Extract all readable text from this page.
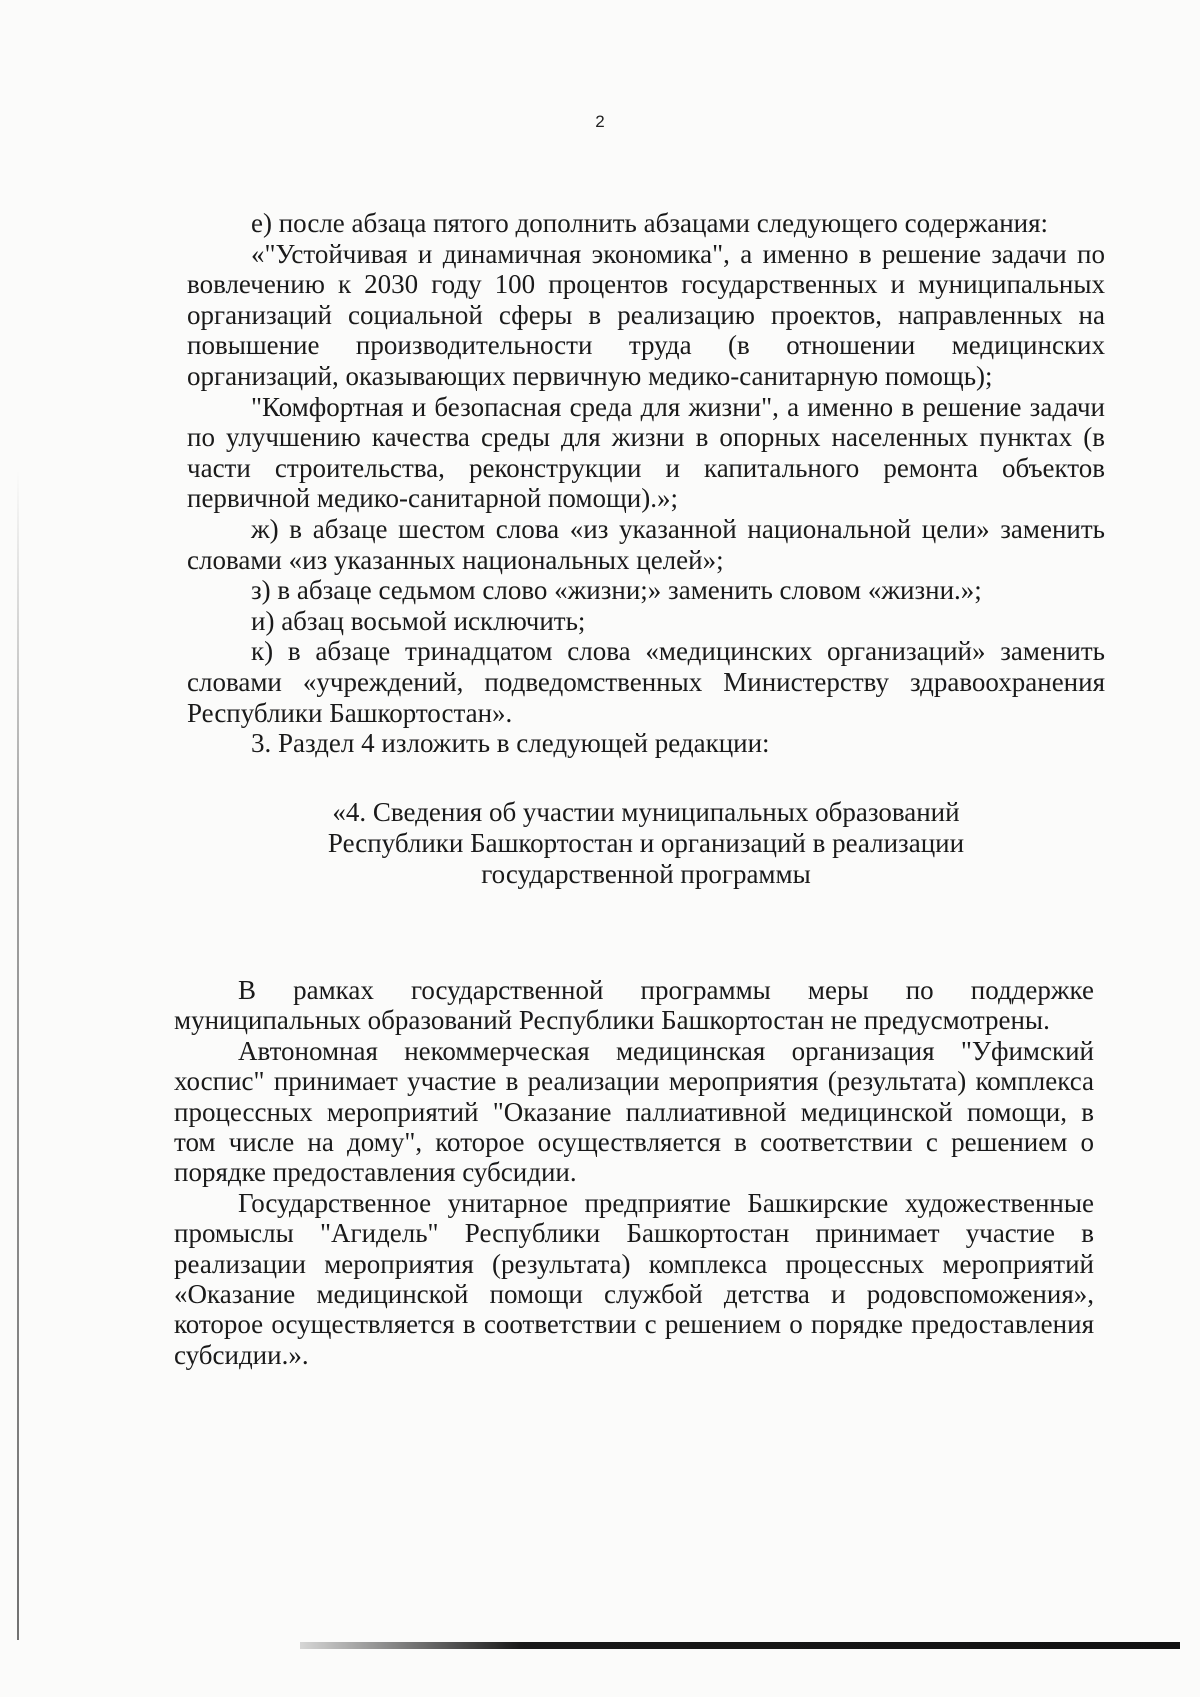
2

е) после абзаца пятого дополнить абзацами следующего содержания:

«"Устойчивая и динамичная экономика", а именно в решение задачи по вовлечению к 2030 году 100 процентов государственных и муниципальных организаций социальной сферы в реализацию проектов, направленных на повышение производительности труда (в отношении медицинских организаций, оказывающих первичную медико-санитарную помощь);

"Комфортная и безопасная среда для жизни", а именно в решение задачи по улучшению качества среды для жизни в опорных населенных пунктах (в части строительства, реконструкции и капитального ремонта объектов первичной медико-санитарной помощи).»;

ж) в абзаце шестом слова «из указанной национальной цели» заменить словами «из указанных национальных целей»;

з) в абзаце седьмом слово «жизни;» заменить словом «жизни.»;

и) абзац восьмой исключить;

к) в абзаце тринадцатом слова «медицинских организаций» заменить словами «учреждений, подведомственных Министерству здравоохранения Республики Башкортостан».

3. Раздел 4 изложить в следующей редакции:

«4. Сведения об участии муниципальных образований
Республики Башкортостан и организаций в реализации
государственной программы

В рамках государственной программы меры по поддержке муниципальных образований Республики Башкортостан не предусмотрены.

Автономная некоммерческая медицинская организация "Уфимский хоспис" принимает участие в реализации мероприятия (результата) комплекса процессных мероприятий "Оказание паллиативной медицинской помощи, в том числе на дому", которое осуществляется в соответствии с решением о порядке предоставления субсидии.

Государственное унитарное предприятие Башкирские художественные промыслы "Агидель" Республики Башкортостан принимает участие в реализации мероприятия (результата) комплекса процессных мероприятий «Оказание медицинской помощи службой детства и родовспоможения», которое осуществляется в соответствии с решением о порядке предоставления субсидии.».
